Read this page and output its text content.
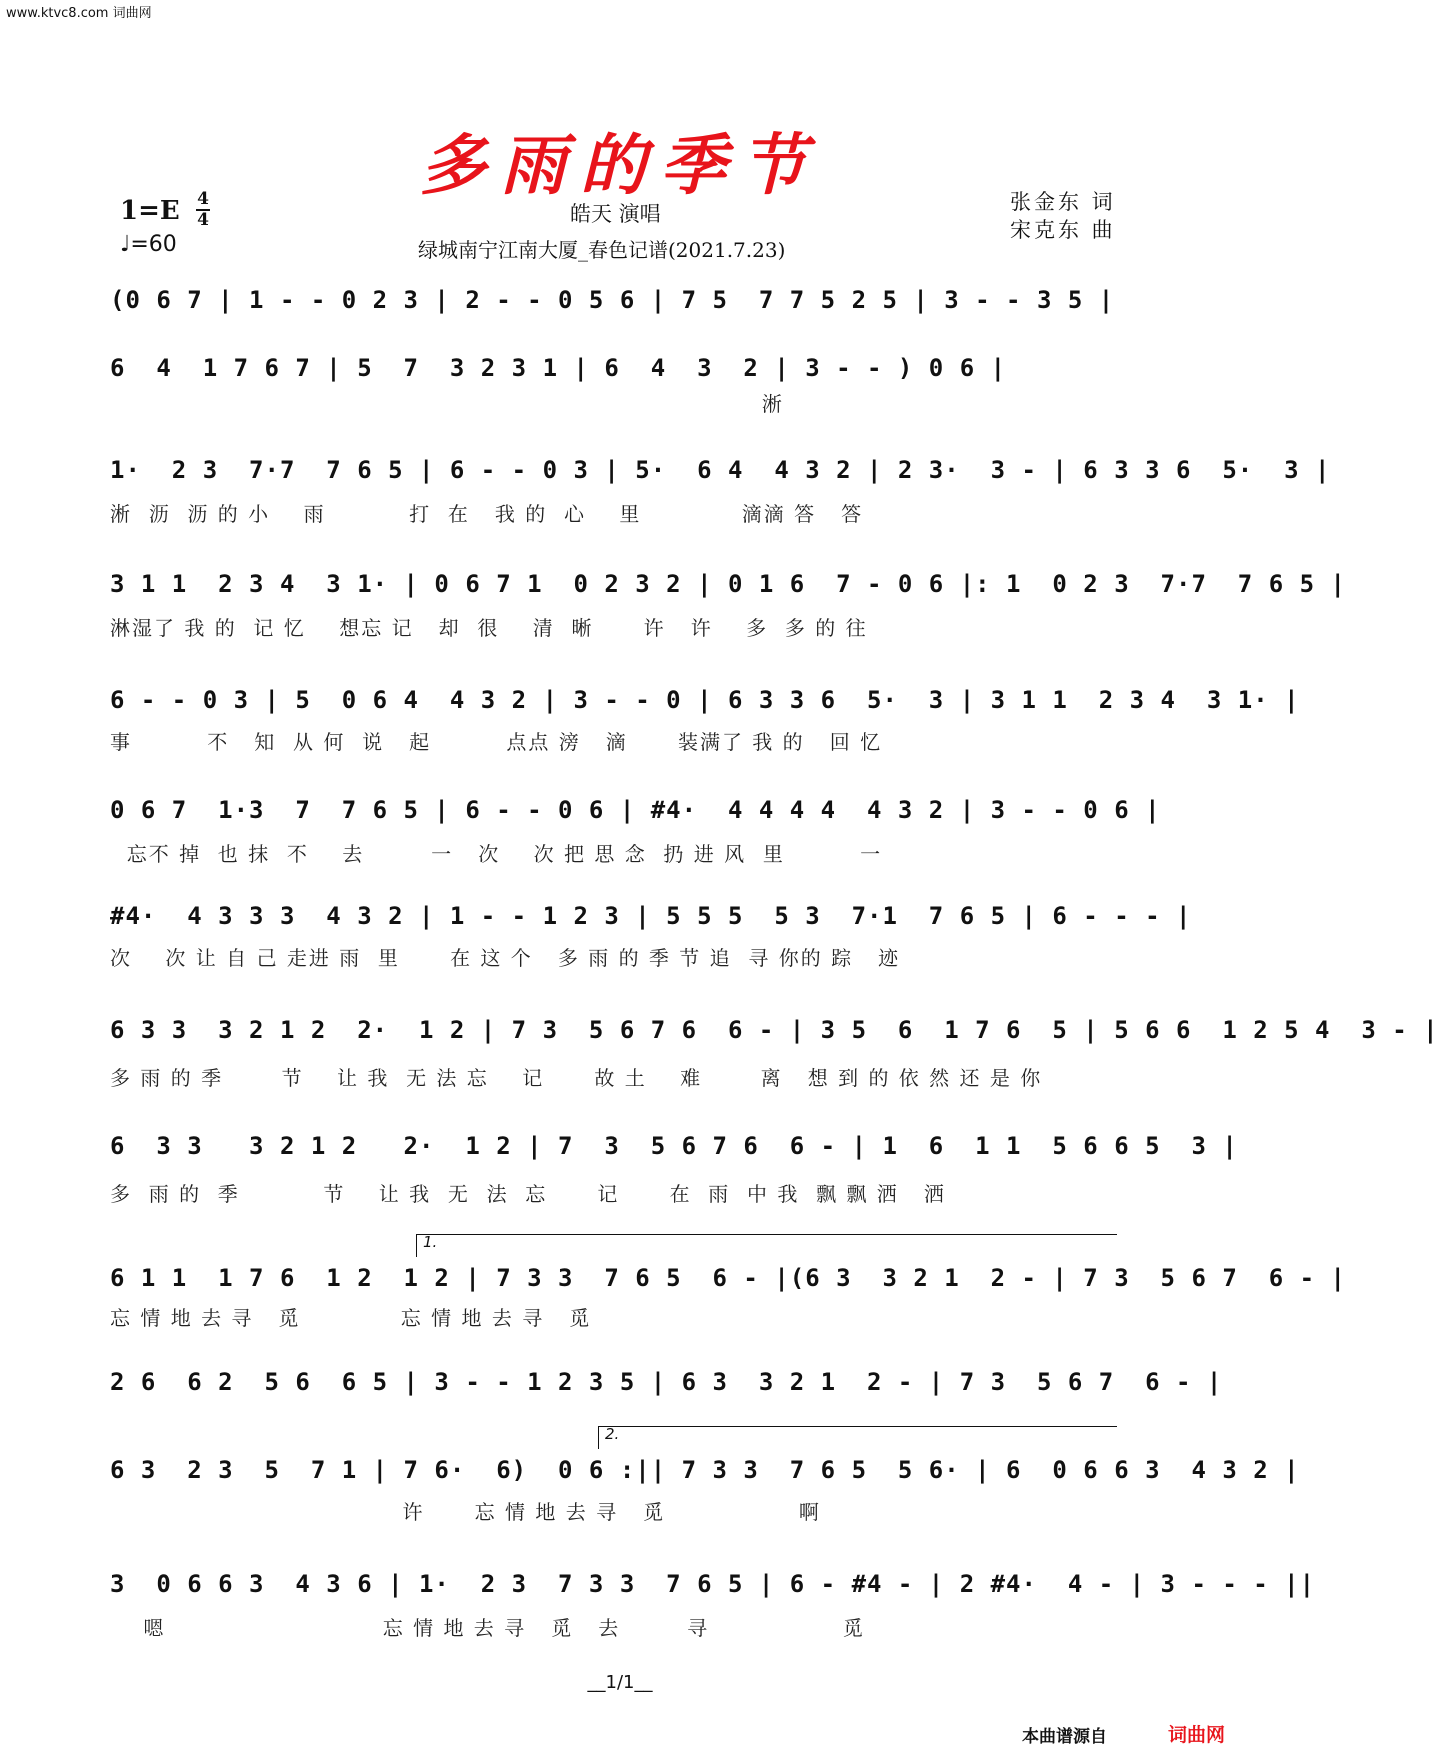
www.ktvc8.com 词曲网
多雨的季节
1=E 4
4
♩=60
皓天 演唱
绿城南宁江南大厦_春色记谱(2021.7.23)
张金东 词
宋克东 曲
(0 6 7 | 1 - - 0 2 3 | 2 - - 0 5 6 | 7 5  7 7 5 2 5 | 3 - - 3 5 |
6  4  1 7 6 7 | 5  7  3 2 3 1 | 6  4  3  2 | 3 - - ) 0 6 |
淅
1·  2 3  7·7  7 6 5 | 6 - - 0 3 | 5·  6 4  4 3 2 | 2 3·  3 - | 6 3 3 6  5·  3 |
淅  沥  沥 的 小    雨          打  在   我 的  心    里            滴滴 答   答
3 1 1  2 3 4  3 1· | 0 6 7 1  0 2 3 2 | 0 1 6  7 - 0 6 |: 1  0 2 3  7·7  7 6 5 |
淋湿了 我 的  记 忆    想忘 记   却  很    清  晰      许   许    多  多 的 往
6 - - 0 3 | 5  0 6 4  4 3 2 | 3 - - 0 | 6 3 3 6  5·  3 | 3 1 1  2 3 4  3 1· |
事         不   知  从 何  说   起         点点 滂   滴      装满了 我 的   回 忆
0 6 7  1·3  7  7 6 5 | 6 - - 0 6 | #4·  4 4 4 4  4 3 2 | 3 - - 0 6 |
忘不 掉  也 抹  不    去        一   次    次 把 思 念  扔 进 风  里         一
#4·  4 3 3 3  4 3 2 | 1 - - 1 2 3 | 5 5 5  5 3  7·1  7 6 5 | 6 - - - |
次    次 让 自 己 走进 雨  里      在 这 个   多 雨 的 季 节 追  寻 你的 踪   迹
6 3 3  3 2 1 2  2·  1 2 | 7 3  5 6 7 6  6 - | 3 5  6  1 7 6  5 | 5 6 6  1 2 5 4  3 - |
多 雨 的 季       节    让 我  无 法 忘    记      故 土    难       离   想 到 的 依 然 还 是 你
6  3 3   3 2 1 2   2·  1 2 | 7  3  5 6 7 6  6 - | 1  6  1 1  5 6 6 5  3 |
多  雨 的  季          节    让 我  无  法  忘      记      在  雨  中 我  飘 飘 洒   洒
1.
6 1 1  1 7 6  1 2  1 2 | 7 3 3  7 6 5  6 - |(6 3  3 2 1  2 - | 7 3  5 6 7  6 - |
忘 情 地 去 寻   觅            忘 情 地 去 寻   觅
2 6  6 2  5 6  6 5 | 3 - - 1 2 3 5 | 6 3  3 2 1  2 - | 7 3  5 6 7  6 - |
2.
6 3  2 3  5  7 1 | 7 6·  6)  0 6 :|| 7 3 3  7 6 5  5 6· | 6  0 6 6 3  4 3 2 |
许      忘 情 地 去 寻   觅                啊
3  0 6 6 3  4 3 6 | 1·  2 3  7 3 3  7 6 5 | 6 - #4 - | 2 #4·  4 - | 3 - - - ||
嗯                          忘 情 地 去 寻   觅   去        寻                觅
__1/1__
本曲谱源自	词曲网
